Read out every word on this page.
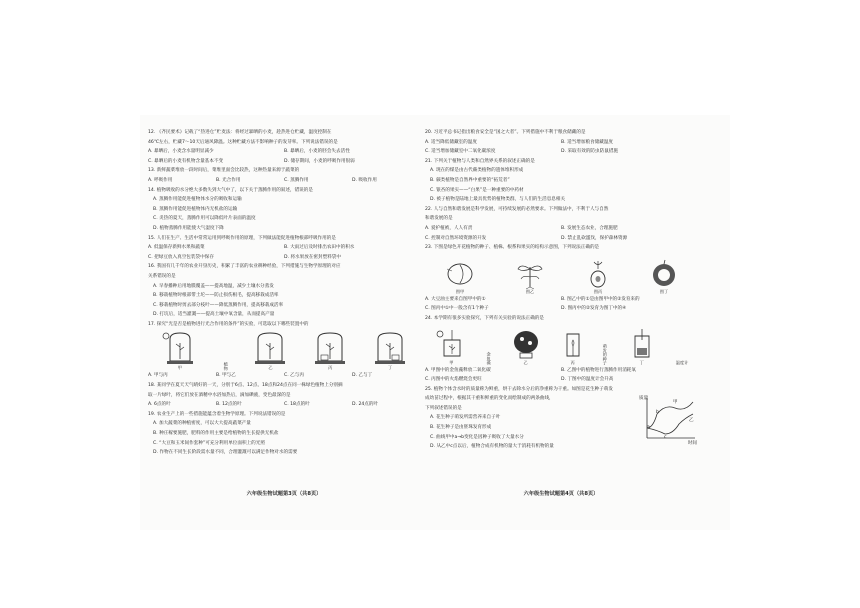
12. 《齐民要术》记载了“热进仓”贮麦法：将经过暴晒的小麦，趁热进仓贮藏，温度控制在
46℃左右，贮藏7～10天后通风降温。这种贮藏方法不影响种子的发芽率。下列说法错误的是
A. 暴晒后，小麦含水量明显减少	B. 暴晒后，小麦的胚会失去活性
C. 暴晒后的小麦有机物含量基本不变	D. 储存期间，小麦的呼吸作用很弱
13. 新鲜蔬菜堆放一段时间后，菜堆里面会比较热，这种热量来源于蔬菜的
A. 呼吸作用	B. 光合作用	C. 蒸腾作用	D. 吸收作用
14. 植物吸收的水分绝大多数失到大气中了，以下关于蒸腾作用的叙述，错误的是
A. 蒸腾作用能促进植物体水分的吸收和运输
B. 蒸腾作用能促进植物体内无机盐的运输
C. 炎热的夏天，蒸腾作用可以降低叶片表面的温度
D. 植物蒸腾作用能使大气湿度下降
15. 人们在生产、生活中常常运用到呼吸作用的原理，下列做法能促进植物根部呼吸作用的是
A. 低温保存新鲜水果和蔬菜	B. 大雨过后及时排出农田中的积水
C. 把绿豆放入真空包装袋中保存	D. 将水果放在密封塑料袋中
16. 我国有几千年的农业开垦历史，积累了丰富的农业耕种经验，下列措施与生物学原理的对应
关系错误的是
A. 早春播种后用地膜覆盖——提高地温，减少土壤水分蒸发
B. 移栽植物时根部带土坨——防止损伤根毛，提高移栽成活率
C. 移栽植物时剪去部分枝叶——降低蒸腾作用，提高移栽成活率
D. 打坑后，适当灌溉——提高土壤中氧含量，从而提高产量
17. 探究“光是否是植物进行光合作用的条件”的实验，可选取以下哪些装置中的
甲	植物	乙	丙	丁
A. 甲与丙	B. 甲与乙	C. 乙与丙	D. 乙与丁
18. 某同学在夏天天气晴好的一天，分别于6点、12点、18点和24点在同一株绿色植物上分别摘
取一片绿叶，将它们放在酒精中水浴加热后，滴加碘液，变色最深的是
A. 6点的叶	B. 12点的叶	C. 18点的叶	D. 24点的叶
19. 农业生产上的一些措施能蕴含着生物学原理。下列说法错误的是
A. 加大蔬菜的种植密度，可以大大提高蔬菜产量
B. 种庄稼要施肥，肥料的作用主要是给植物的生长提供无机盐
C. “大豆和玉米间作套种”可充分利用单位面积上的光照
D. 作物在不同生长阶段需水量不同，合理灌溉可以满足作物对水的需要
20. 习近平总书记指出粮食安全是“国之大者”。下列措施中不利于粮食储藏的是
A. 适当降低储藏室的温度	B. 适当增加粮食储藏温度
C. 适当增加储藏室中二氧化碳浓度	D. 采取有效的防虫防鼠措施
21. 下列关于植物与人类和自然界关系的叙述正确的是
A. 现在的煤是由古代蕨类植物的遗体堆积形成
B. 蕨类植物是自然界中重要的“拓荒者”
C. 银杏的果实——“白果”是一种重要的中药材
D. 被子植物是陆地上最具优势的植物类群，与人们的生活息息相关
22. 人与自然和谐发展是科学发展，可持续发展的必然要求。下列做法中，不利于人与自然
和谐发展的是
A. 爱护植被，人人有责	B. 发展生态农业，合理施肥
C. 控制对自然环境资源的开发	D. 禁止乱砍滥伐，保护森林资源
23. 下图是绿色开花植物的种子、植株、根系和果实的结构示意图，下列说法正确的是
图甲	图乙	图丙	图丁
A. 大豆油主要来自图甲中的①	B. 图乙中的①是由图甲中的②发育来的
C. 图丙中①中一般含有1个种子	D. 图丙中的②发育为图丁中的④
24. 本学期有很多实验探究，下列有关实验的说法正确的是
甲	金鱼藻	乙	丙	萌发的种子	丁	温度计
A. 甲图中的金鱼藻释放二氧化碳	B. 乙图中的植物进行蒸腾作用消耗氧
C. 丙图中的火焰燃烧会更旺	D. 丁图中的温度计会升高
25. 植物个体含水时的质量称为鲜重，烘干去除水分后的净重称为干重。如图是花生种子萌发
成幼苗过程中，根据其干重和鲜重的变化而绘制成的两条曲线，
下列叙述错误的是
A. 花生种子萌发所需营养来自子叶
B. 花生种子是由胚珠发育形成
C. 曲线甲中a→b变化是因种子吸收了大量水分
D. 从乙中c点以后，植物合成有机物的量大于消耗有机物的量
质量
时间
甲
乙
a
b
c
六年级生物试题第3页（共8页）	六年级生物试题第4页（共8页）
